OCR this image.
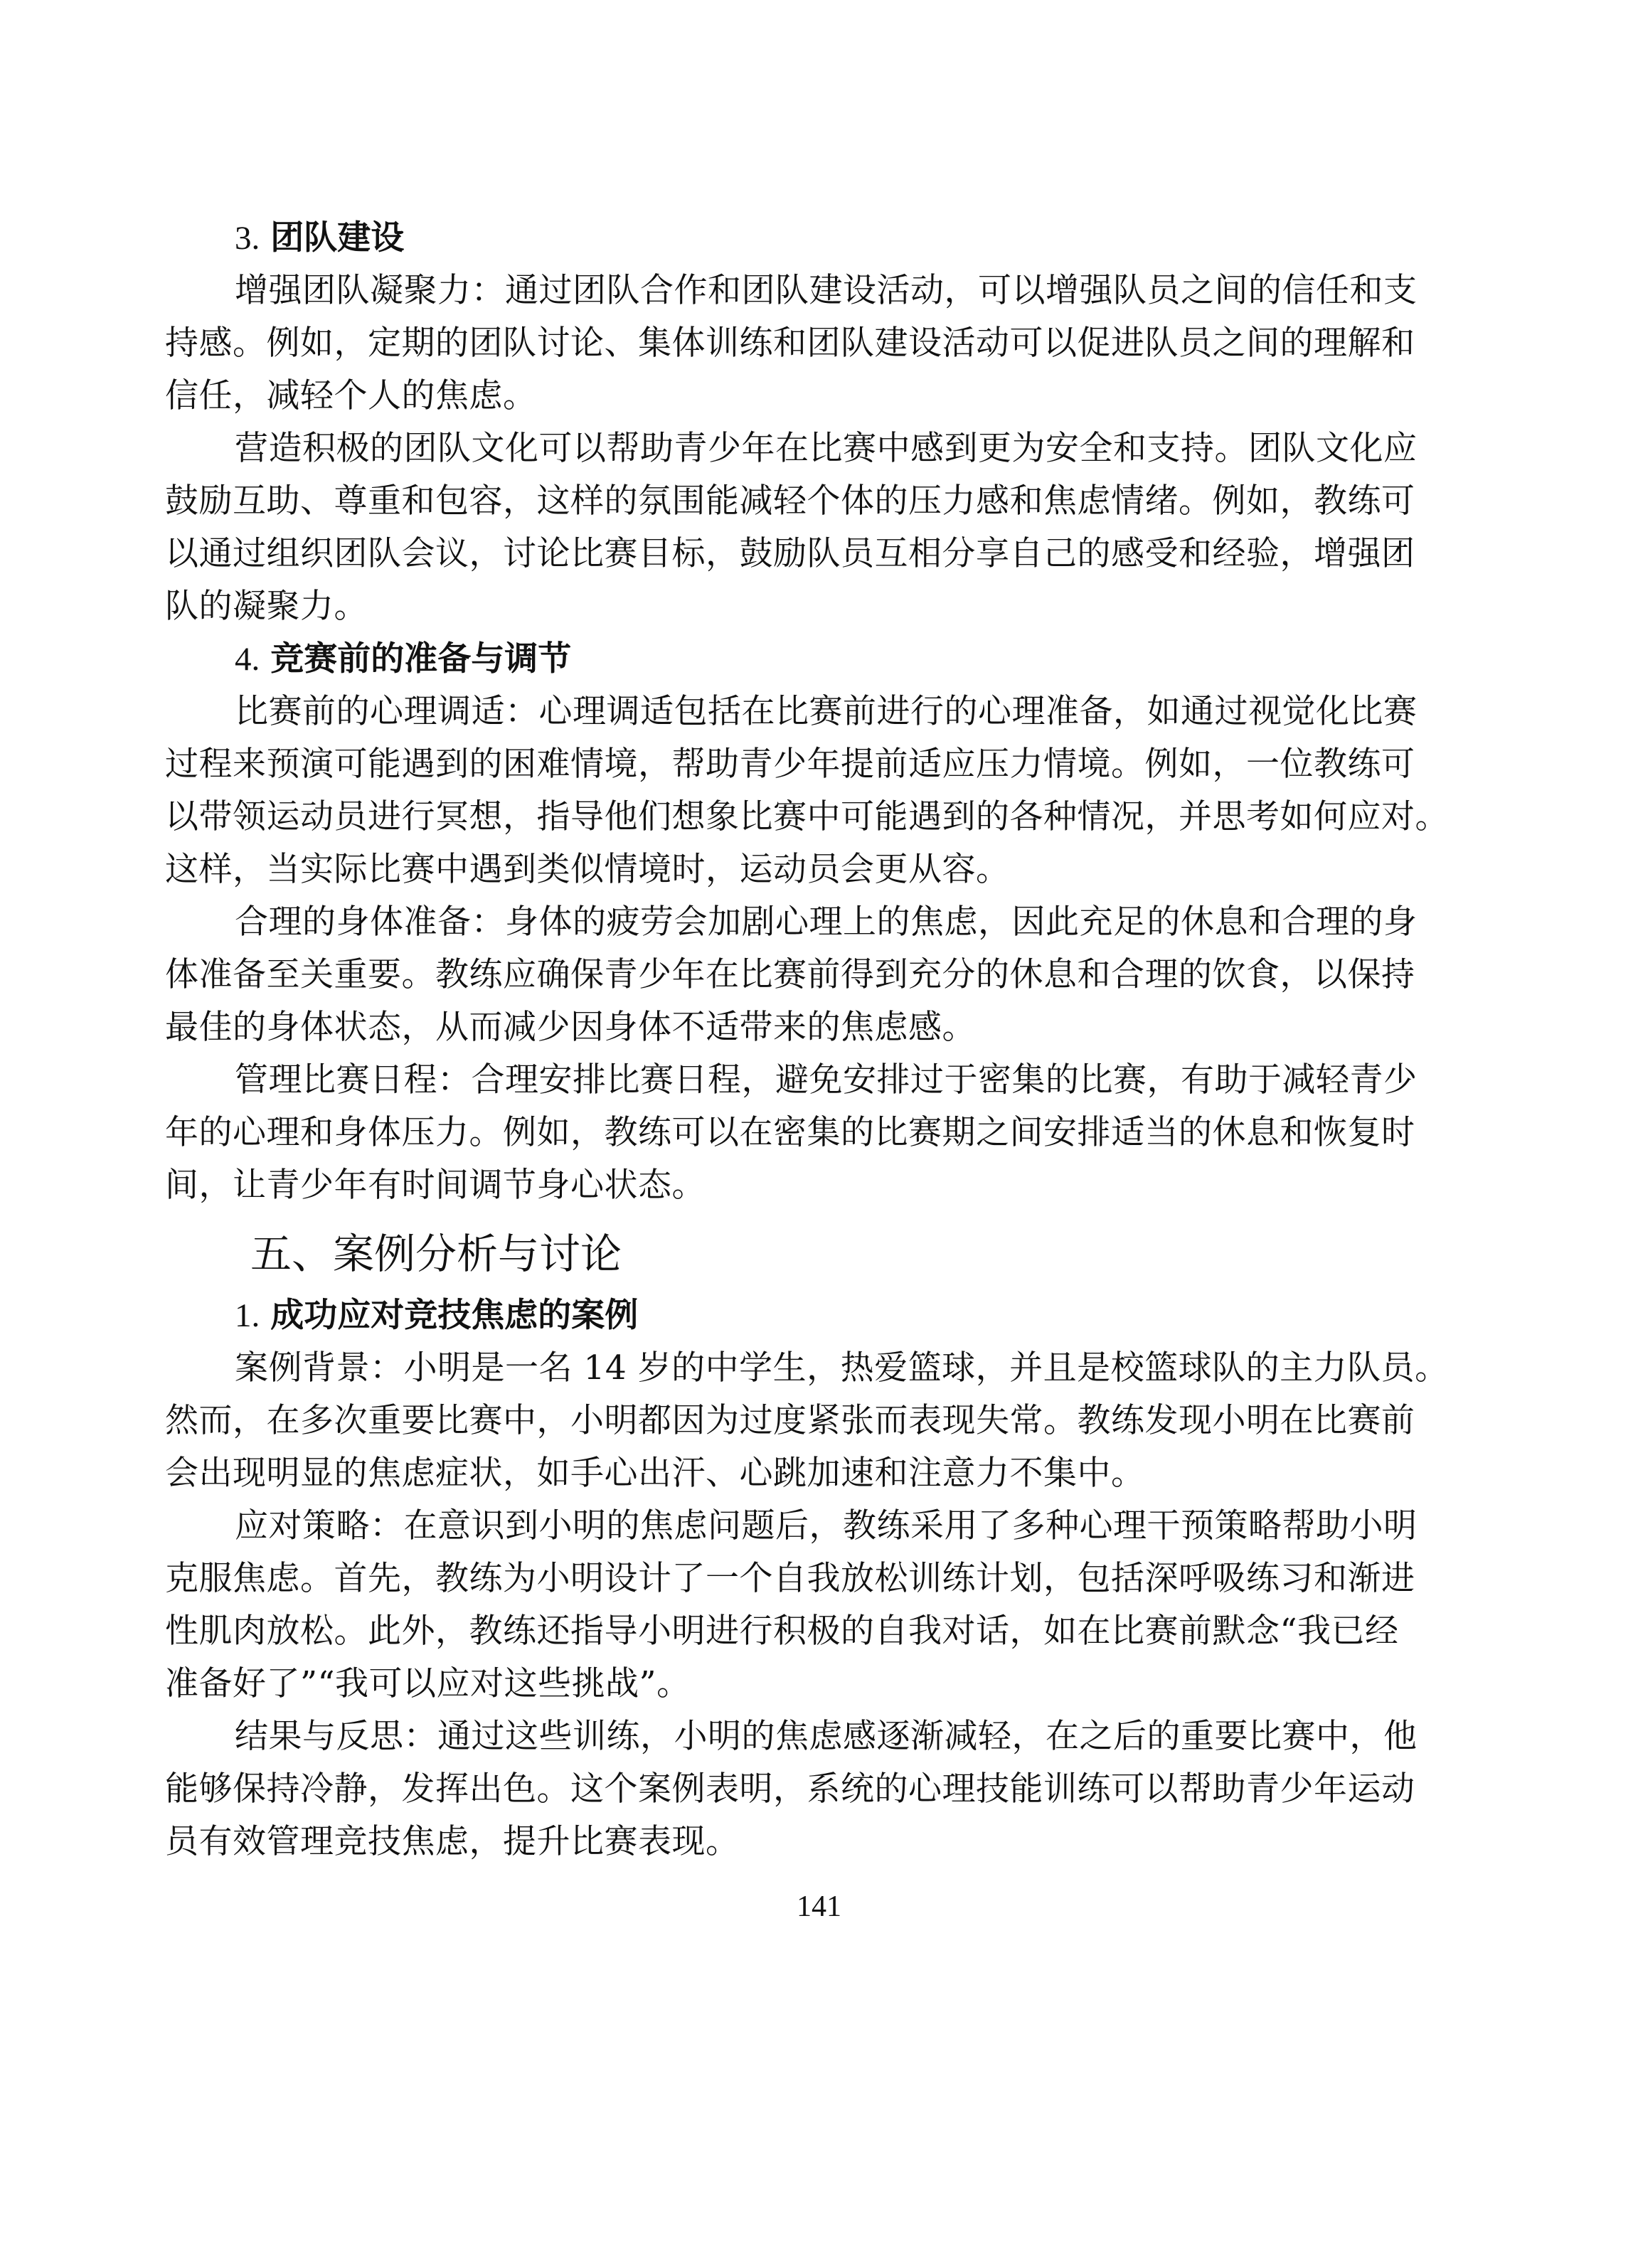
3. 团队建设
增强团队凝聚力：通过团队合作和团队建设活动，可以增强队员之间的信任和支
持感。例如，定期的团队讨论、集体训练和团队建设活动可以促进队员之间的理解和
信任，减轻个人的焦虑。
营造积极的团队文化可以帮助青少年在比赛中感到更为安全和支持。团队文化应
鼓励互助、尊重和包容，这样的氛围能减轻个体的压力感和焦虑情绪。例如，教练可
以通过组织团队会议，讨论比赛目标，鼓励队员互相分享自己的感受和经验，增强团
队的凝聚力。
4. 竞赛前的准备与调节
比赛前的心理调适：心理调适包括在比赛前进行的心理准备，如通过视觉化比赛
过程来预演可能遇到的困难情境，帮助青少年提前适应压力情境。例如，一位教练可
以带领运动员进行冥想，指导他们想象比赛中可能遇到的各种情况，并思考如何应对。
这样，当实际比赛中遇到类似情境时，运动员会更从容。
合理的身体准备：身体的疲劳会加剧心理上的焦虑，因此充足的休息和合理的身
体准备至关重要。教练应确保青少年在比赛前得到充分的休息和合理的饮食，以保持
最佳的身体状态，从而减少因身体不适带来的焦虑感。
管理比赛日程：合理安排比赛日程，避免安排过于密集的比赛，有助于减轻青少
年的心理和身体压力。例如，教练可以在密集的比赛期之间安排适当的休息和恢复时
间，让青少年有时间调节身心状态。
五、案例分析与讨论
1. 成功应对竞技焦虑的案例
案例背景：小明是一名 14 岁的中学生，热爱篮球，并且是校篮球队的主力队员。
然而，在多次重要比赛中，小明都因为过度紧张而表现失常。教练发现小明在比赛前
会出现明显的焦虑症状，如手心出汗、心跳加速和注意力不集中。
应对策略：在意识到小明的焦虑问题后，教练采用了多种心理干预策略帮助小明
克服焦虑。首先，教练为小明设计了一个自我放松训练计划，包括深呼吸练习和渐进
性肌肉放松。此外，教练还指导小明进行积极的自我对话，如在比赛前默念“我已经
准备好了”“我可以应对这些挑战”。
结果与反思：通过这些训练，小明的焦虑感逐渐减轻，在之后的重要比赛中，他
能够保持冷静，发挥出色。这个案例表明，系统的心理技能训练可以帮助青少年运动
员有效管理竞技焦虑，提升比赛表现。
141
